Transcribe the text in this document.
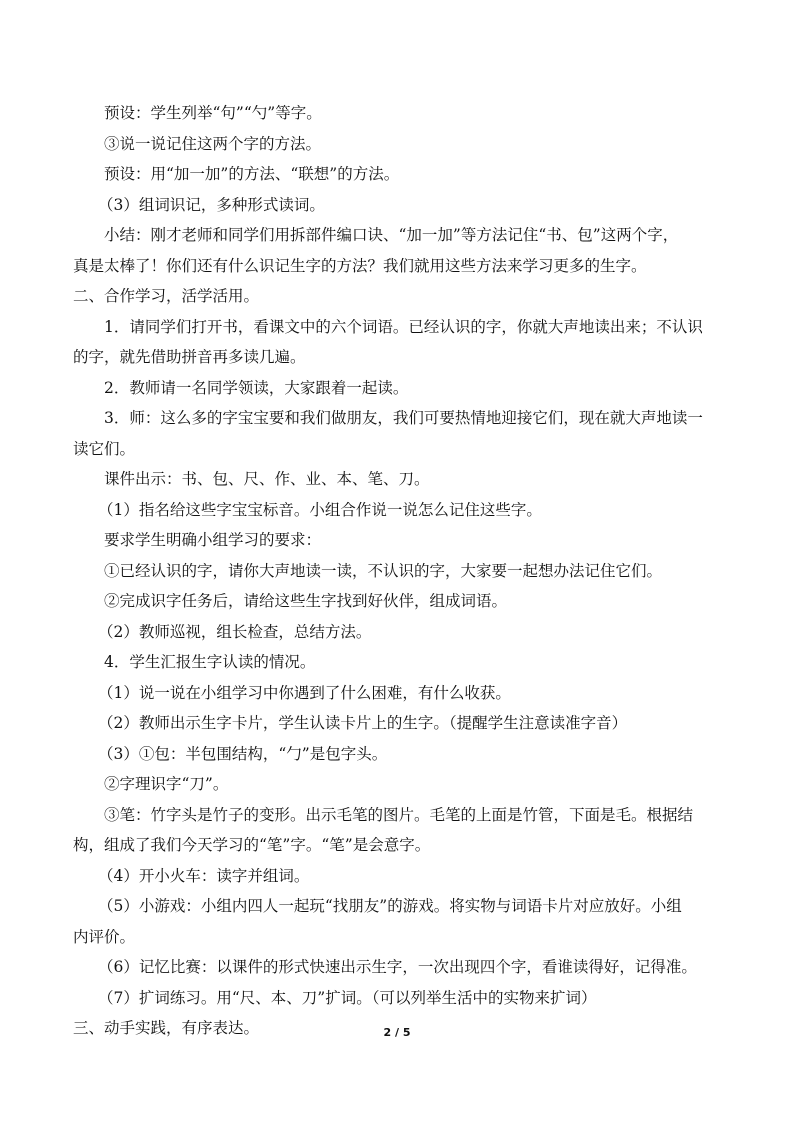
预设：学生列举“句”“勺”等字。
③说一说记住这两个字的方法。
预设：用“加一加”的方法、“联想”的方法。
（3）组词识记，多种形式读词。
小结：刚才老师和同学们用拆部件编口诀、“加一加”等方法记住“书、包”这两个字，
真是太棒了！你们还有什么识记生字的方法？我们就用这些方法来学习更多的生字。
二、合作学习，活学活用。
1．请同学们打开书，看课文中的六个词语。已经认识的字，你就大声地读出来；不认识
的字，就先借助拼音再多读几遍。
2．教师请一名同学领读，大家跟着一起读。
3．师：这么多的字宝宝要和我们做朋友，我们可要热情地迎接它们，现在就大声地读一
读它们。
课件出示：书、包、尺、作、业、本、笔、刀。
（1）指名给这些字宝宝标音。小组合作说一说怎么记住这些字。
要求学生明确小组学习的要求：
①已经认识的字，请你大声地读一读，不认识的字，大家要一起想办法记住它们。
②完成识字任务后，请给这些生字找到好伙伴，组成词语。
（2）教师巡视，组长检查，总结方法。
4．学生汇报生字认读的情况。
（1）说一说在小组学习中你遇到了什么困难，有什么收获。
（2）教师出示生字卡片，学生认读卡片上的生字。（提醒学生注意读准字音）
（3）①包：半包围结构，“勹”是包字头。
②字理识字“刀”。
③笔：竹字头是竹子的变形。出示毛笔的图片。毛笔的上面是竹管，下面是毛。根据结
构，组成了我们今天学习的“笔”字。“笔”是会意字。
（4）开小火车：读字并组词。
（5）小游戏：小组内四人一起玩“找朋友”的游戏。将实物与词语卡片对应放好。小组
内评价。
（6）记忆比赛：以课件的形式快速出示生字，一次出现四个字，看谁读得好，记得准。
（7）扩词练习。用“尺、本、刀”扩词。（可以列举生活中的实物来扩词）
三、动手实践，有序表达。	2 / 5
